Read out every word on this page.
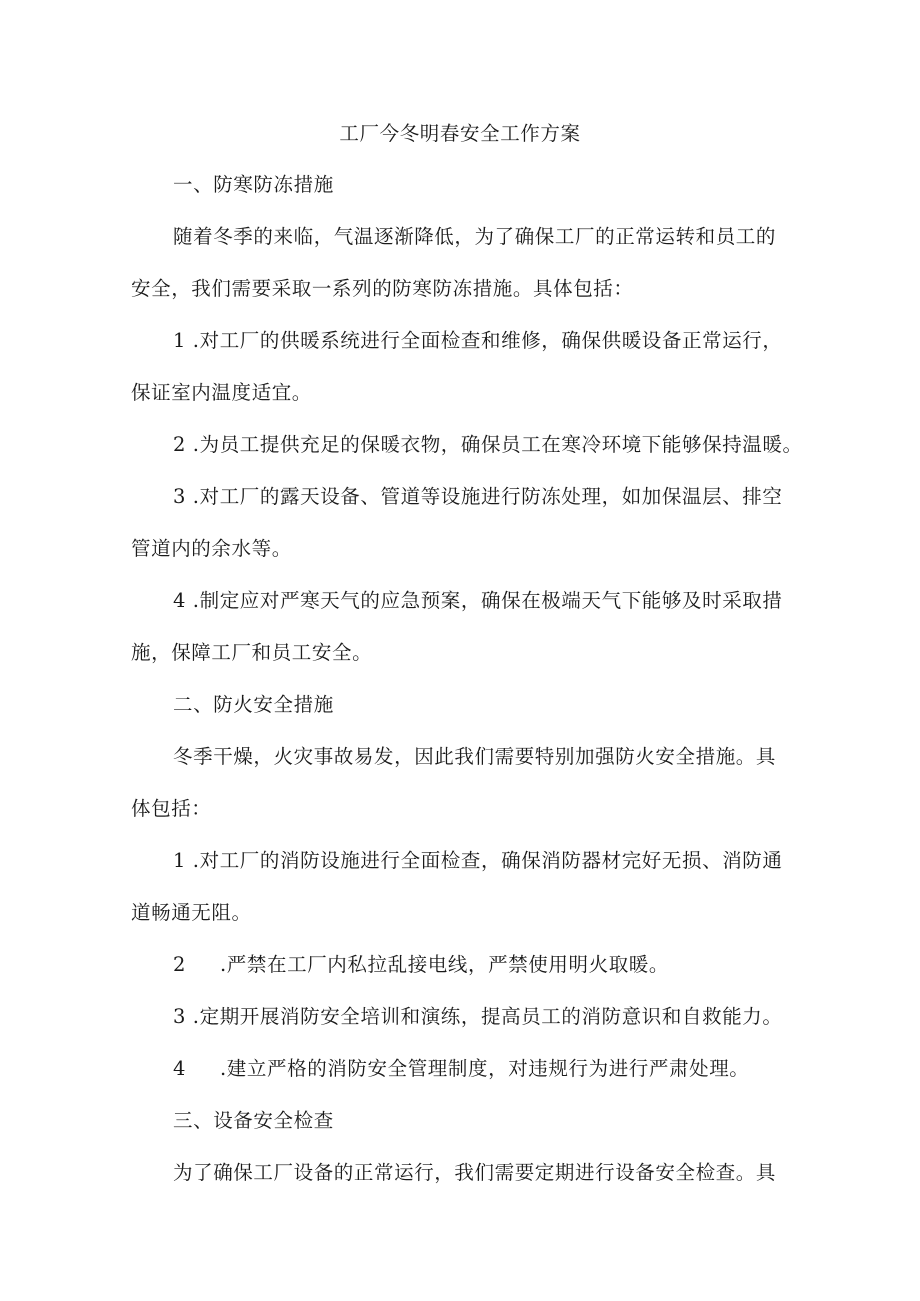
工厂今冬明春安全工作方案
一、防寒防冻措施
随着冬季的来临，气温逐渐降低，为了确保工厂的正常运转和员工的
安全，我们需要采取一系列的防寒防冻措施。具体包括：
1 .对工厂的供暖系统进行全面检查和维修，确保供暖设备正常运行，
保证室内温度适宜。
2 .为员工提供充足的保暖衣物，确保员工在寒冷环境下能够保持温暖。
3 .对工厂的露天设备、管道等设施进行防冻处理，如加保温层、排空
管道内的余水等。
4 .制定应对严寒天气的应急预案，确保在极端天气下能够及时采取措
施，保障工厂和员工安全。
二、防火安全措施
冬季干燥，火灾事故易发，因此我们需要特别加强防火安全措施。具
体包括：
1 .对工厂的消防设施进行全面检查，确保消防器材完好无损、消防通
道畅通无阻。
2     .严禁在工厂内私拉乱接电线，严禁使用明火取暖。
3 .定期开展消防安全培训和演练，提高员工的消防意识和自救能力。
4     .建立严格的消防安全管理制度，对违规行为进行严肃处理。
三、设备安全检查
为了确保工厂设备的正常运行，我们需要定期进行设备安全检查。具
